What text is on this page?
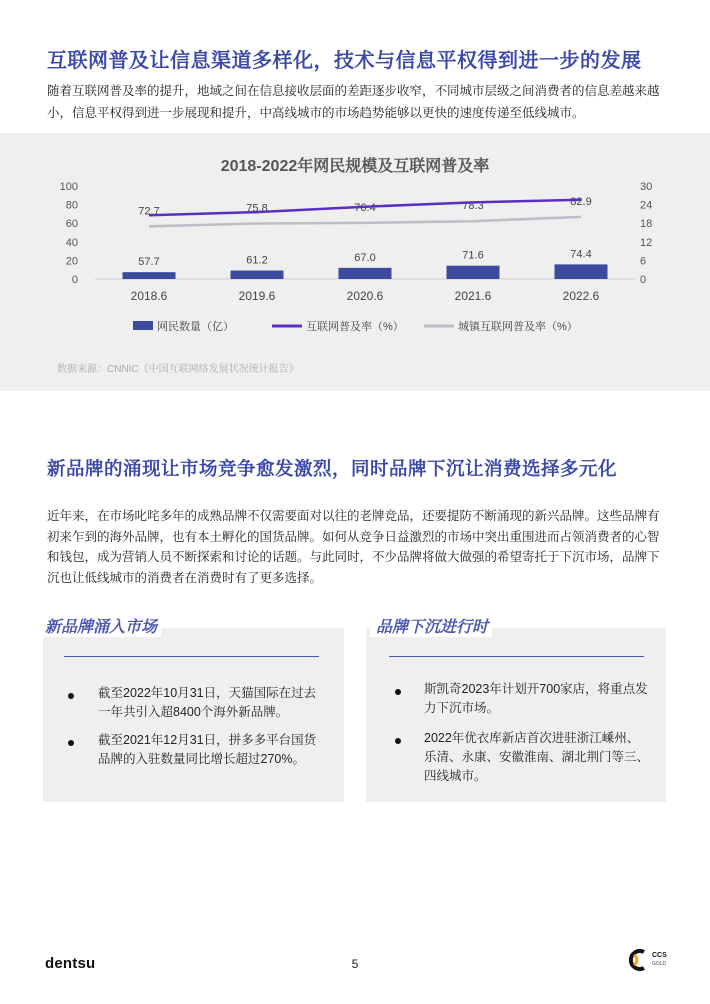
互联网普及让信息渠道多样化，技术与信息平权得到进一步的发展
随着互联网普及率的提升，地域之间在信息接收层面的差距逐步收窄，不同城市层级之间消费者的信息差越来越小，信息平权得到进一步展现和提升，中高线城市的市场趋势能够以更快的速度传递至低线城市。
2018-2022年网民规模及互联网普及率
0
20
40
60
80
100
0
6
12
18
24
30
57.7
2018.6
61.2
2019.6
67.0
2020.6
71.6
2021.6
74.4
2022.6
72.7	75.8	76.4	78.3	82.9
网民数量（亿）	互联网普及率（%）	城镇互联网普及率（%）
数据来源：CNNIC《中国互联网络发展状况统计报告》
新品牌的涌现让市场竞争愈发激烈，同时品牌下沉让消费选择多元化
近年来，在市场叱咤多年的成熟品牌不仅需要面对以往的老牌竞品，还要提防不断涌现的新兴品牌。这些品牌有初来乍到的海外品牌，也有本土孵化的国货品牌。如何从竞争日益激烈的市场中突出重围进而占领消费者的心智和钱包，成为营销人员不断探索和讨论的话题。与此同时，不少品牌将做大做强的希望寄托于下沉市场，品牌下沉也让低线城市的消费者在消费时有了更多选择。
新品牌涌入市场
截至2022年10月31日，天猫国际在过去一年共引入超8400个海外新品牌。
截至2021年12月31日，拼多多平台国货品牌的入驻数量同比增长超过270%。
品牌下沉进行时
斯凯奇2023年计划开700家店，将重点发力下沉市场。
2022年优衣库新店首次进驻浙江嵊州、乐清、永康、安徽淮南、湖北荆门等三、四线城市。
dentsu	5
CCS
GOLD
